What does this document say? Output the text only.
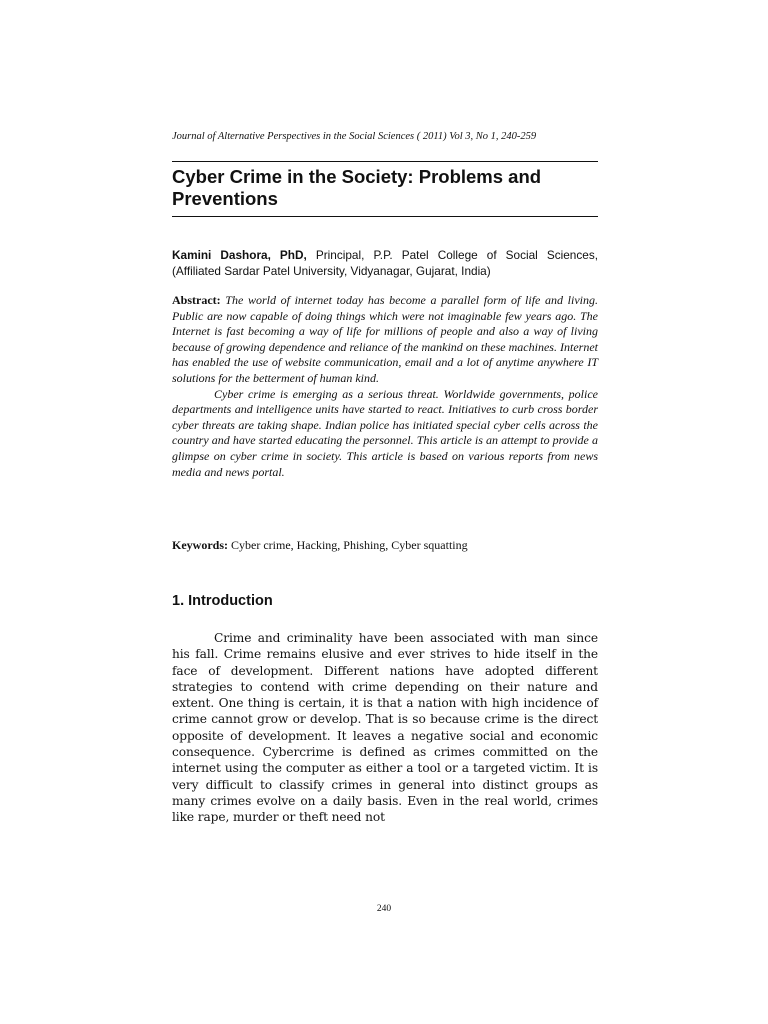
Journal of Alternative Perspectives in the Social Sciences ( 2011) Vol 3, No 1, 240-259
Cyber Crime in the Society: Problems and Preventions
Kamini Dashora, PhD, Principal, P.P. Patel College of Social Sciences, (Affiliated Sardar Patel University, Vidyanagar, Gujarat, India)

Abstract: The world of internet today has become a parallel form of life and living. Public are now capable of doing things which were not imaginable few years ago. The Internet is fast becoming a way of life for millions of people and also a way of living because of growing dependence and reliance of the mankind on these machines. Internet has enabled the use of website communication, email and a lot of anytime anywhere IT solutions for the betterment of human kind.

Cyber crime is emerging as a serious threat. Worldwide governments, police departments and intelligence units have started to react. Initiatives to curb cross border cyber threats are taking shape. Indian police has initiated special cyber cells across the country and have started educating the personnel. This article is an attempt to provide a glimpse on cyber crime in society. This article is based on various reports from news media and news portal.

Keywords: Cyber crime, Hacking, Phishing, Cyber squatting
1. Introduction

Crime and criminality have been associated with man since his fall. Crime remains elusive and ever strives to hide itself in the face of development. Different nations have adopted different strategies to contend with crime depending on their nature and extent. One thing is certain, it is that a nation with high incidence of crime cannot grow or develop. That is so because crime is the direct opposite of development. It leaves a negative social and economic consequence. Cybercrime is defined as crimes committed on the internet using the computer as either a tool or a targeted victim. It is very difficult to classify crimes in general into distinct groups as many crimes evolve on a daily basis. Even in the real world, crimes like rape, murder or theft need not

240
